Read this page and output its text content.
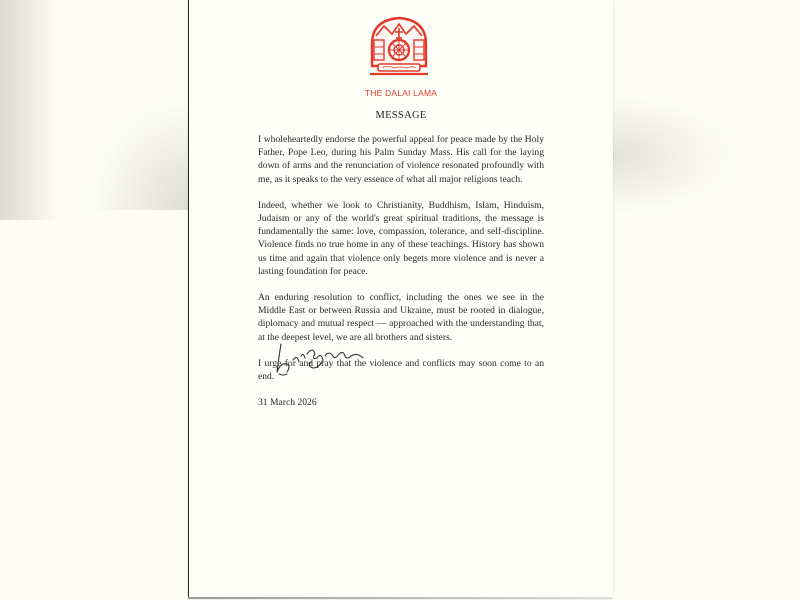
THE DALAI LAMA
MESSAGE

I wholeheartedly endorse the powerful appeal for peace made by the Holy Father, Pope Leo, during his Palm Sunday Mass. His call for the laying down of arms and the renunciation of violence resonated profoundly with me, as it speaks to the very essence of what all major religions teach.

Indeed, whether we look to Christianity, Buddhism, Islam, Hinduism, Judaism or any of the world's great spiritual traditions, the message is fundamentally the same: love, compassion, tolerance, and self-discipline. Violence finds no true home in any of these teachings. History has shown us time and again that violence only begets more violence and is never a lasting foundation for peace.

An enduring resolution to conflict, including the ones we see in the Middle East or between Russia and Ukraine, must be rooted in dialogue, diplomacy and mutual respect — approached with the understanding that, at the deepest level, we are all brothers and sisters.

I urge for and pray that the violence and conflicts may soon come to an end.

31 March 2026
